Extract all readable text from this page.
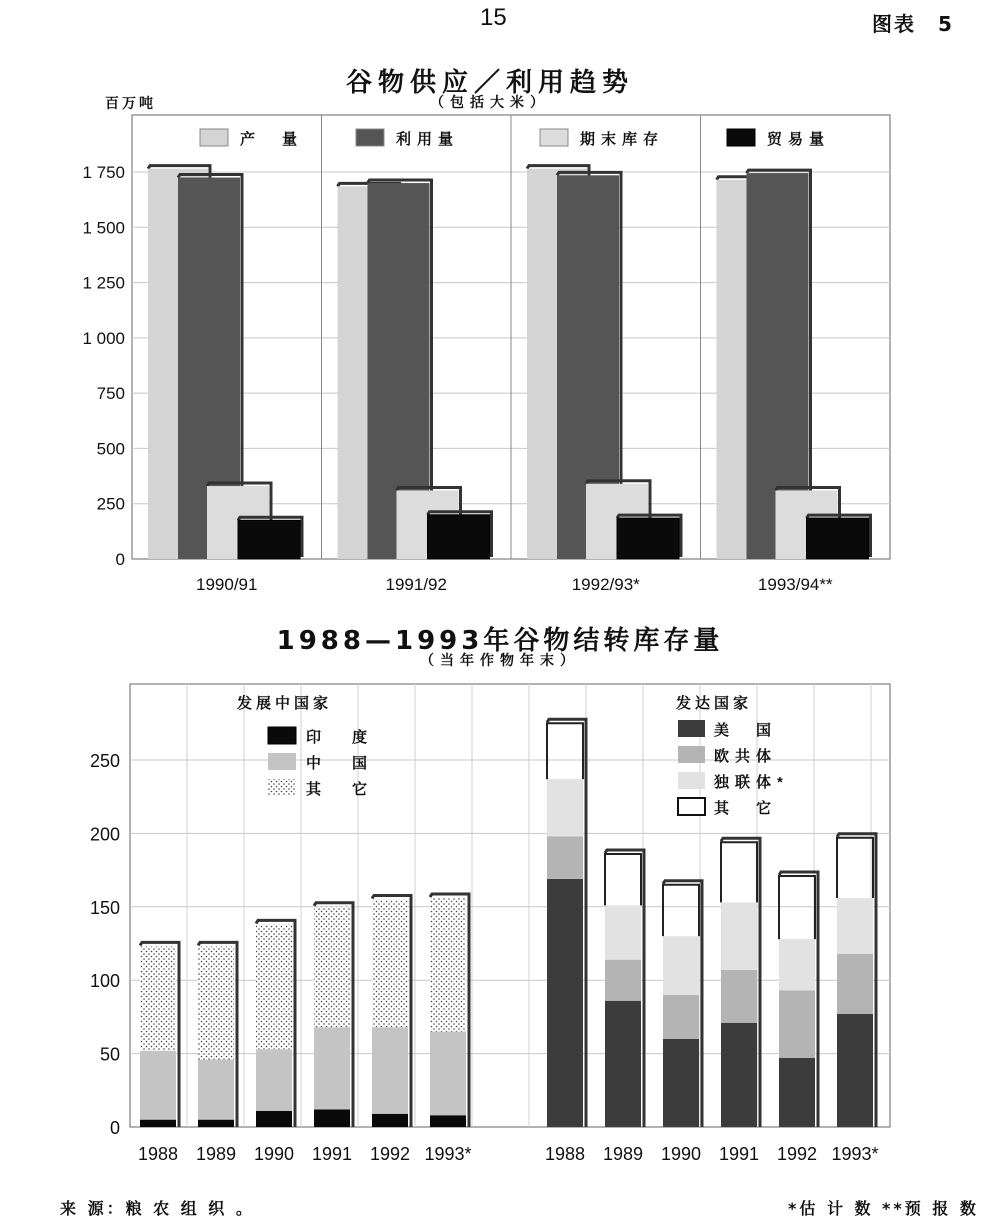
15	图表　5
谷物供应／利用趋势
（包括大米）
百万吨
1988—1993年谷物结转库存量
（当年作物年末）
0
250
500
750
1 000
1 250
1 500
1 750
1990/91	1991/92	1992/93*	1993/94**
产　量	利用量	期末库存	贸易量
0
50
100
150
200
250
1988 1989 1990 1991 1992 1993*	1988 1989 1990 1991 1992 1993*
发展中国家
印　度
中　国
其　它
发达国家
美　国
欧共体
独联体*
其　它
来 源：粮 农 组 织 。	*估 计 数 **预 报 数
